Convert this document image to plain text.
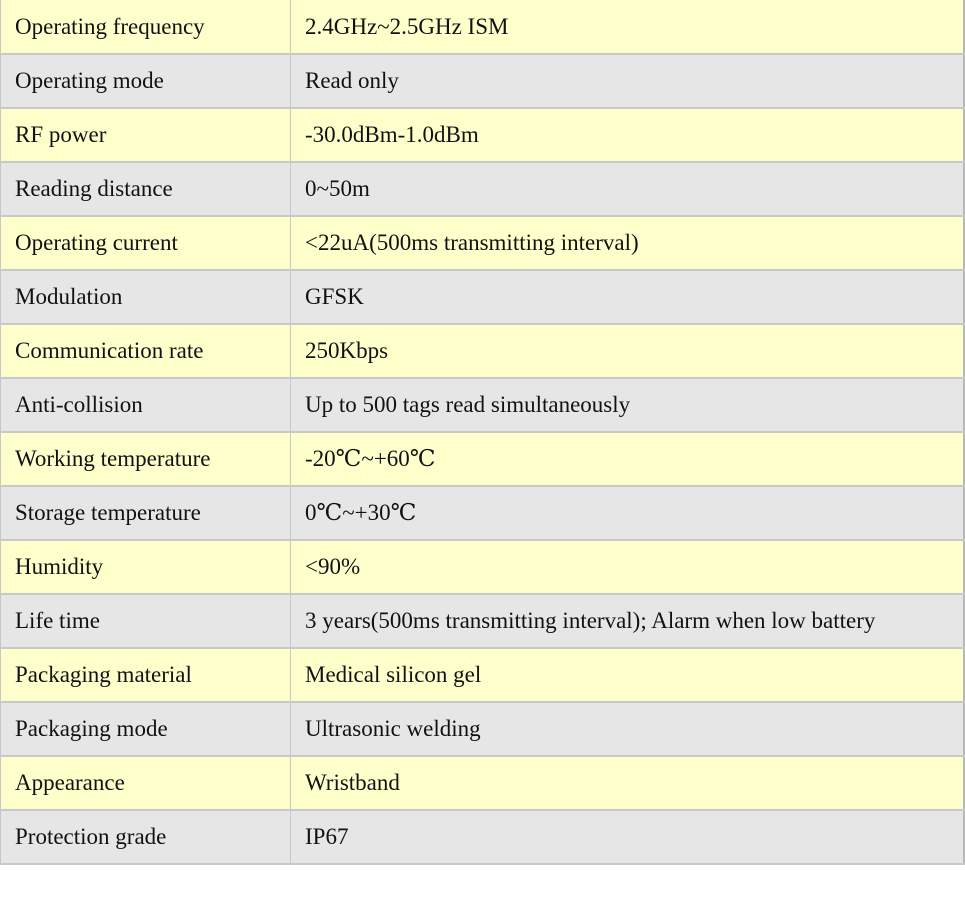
Operating frequency	2.4GHz~2.5GHz ISM
Operating mode	Read only
RF power	-30.0dBm-1.0dBm
Reading distance	0~50m
Operating current	<22uA(500ms transmitting interval)
Modulation	GFSK
Communication rate	250Kbps
Anti-collision	Up to 500 tags read simultaneously
Working temperature	-20℃~+60℃
Storage temperature	0℃~+30℃
Humidity	<90%
Life time	3 years(500ms transmitting interval); Alarm when low battery
Packaging material	Medical silicon gel
Packaging mode	Ultrasonic welding
Appearance	Wristband
Protection grade	IP67
